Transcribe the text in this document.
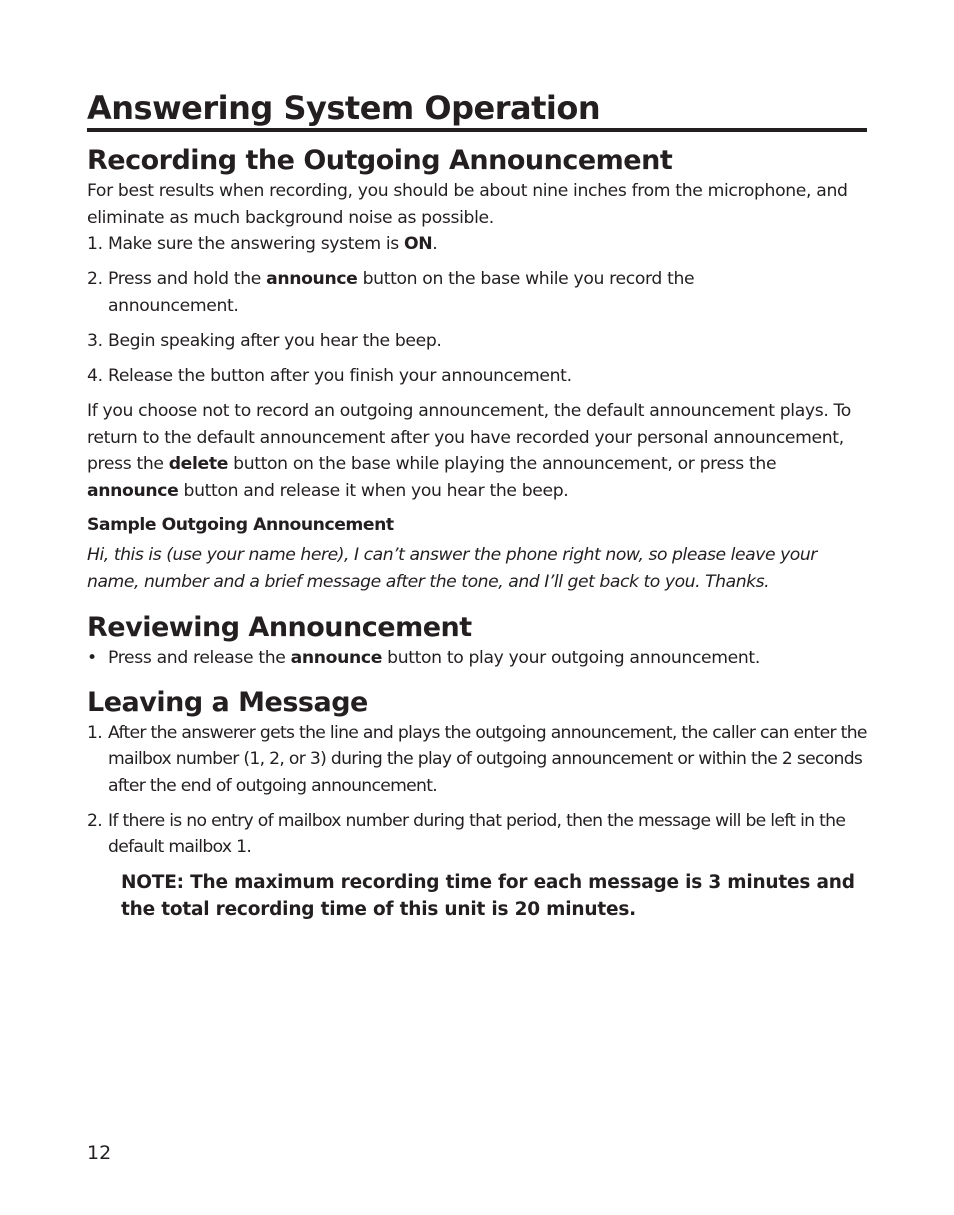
Answering System Operation
Recording the Outgoing Announcement

For best results when recording, you should be about nine inches from the microphone, and eliminate as much background noise as possible.

1. Make sure the answering system is ON.
2. Press and hold the announce button on the base while you record the announcement.
3. Begin speaking after you hear the beep.
4. Release the button after you finish your announcement.

If you choose not to record an outgoing announcement, the default announcement plays. To return to the default announcement after you have recorded your personal announcement, press the delete button on the base while playing the announcement, or press the announce button and release it when you hear the beep.

Sample Outgoing Announcement

Hi, this is (use your name here), I can’t answer the phone right now, so please leave your name, number and a brief message after the tone, and I’ll get back to you. Thanks.

Reviewing Announcement
• Press and release the announce button to play your outgoing announcement.
Leaving a Message
1. After the answerer gets the line and plays the outgoing announcement, the caller can enter the mailbox number (1, 2, or 3) during the play of outgoing announcement or within the 2 seconds after the end of outgoing announcement.
2. If there is no entry of mailbox number during that period, then the message will be left in the default mailbox 1.

NOTE: The maximum recording time for each message is 3 minutes and the total recording time of this unit is 20 minutes.

12
